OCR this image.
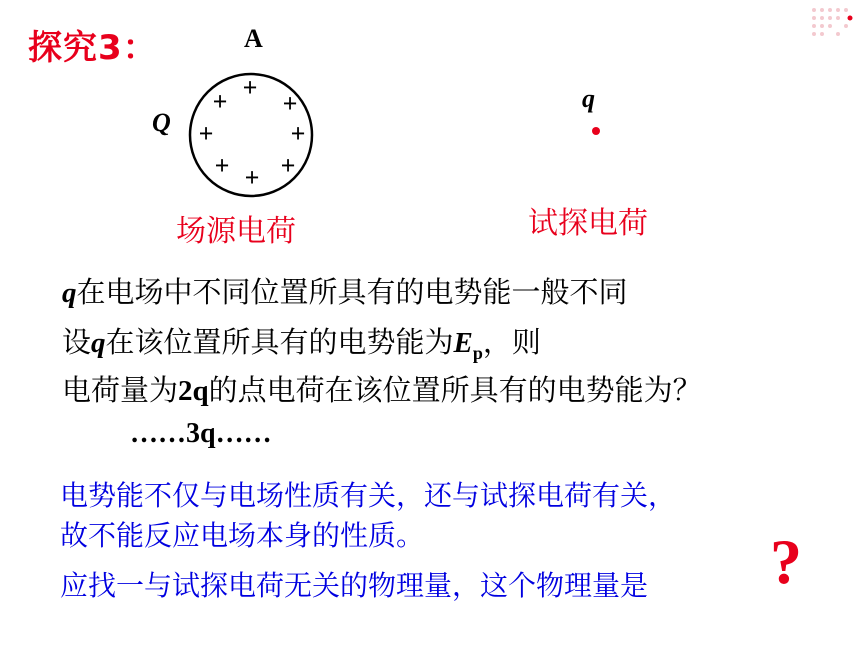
探究3：	A
Q
+
+ +
+	+
+ +
+
q
场源电荷	试探电荷
q在电场中不同位置所具有的电势能一般不同
设q在该位置所具有的电势能为$E_p$，则
电荷量为2q的点电荷在该位置所具有的电势能为？
……3q……
电势能不仅与电场性质有关，还与试探电荷有关，
故不能反应电场本身的性质。
应找一与试探电荷无关的物理量，这个物理量是 ?
